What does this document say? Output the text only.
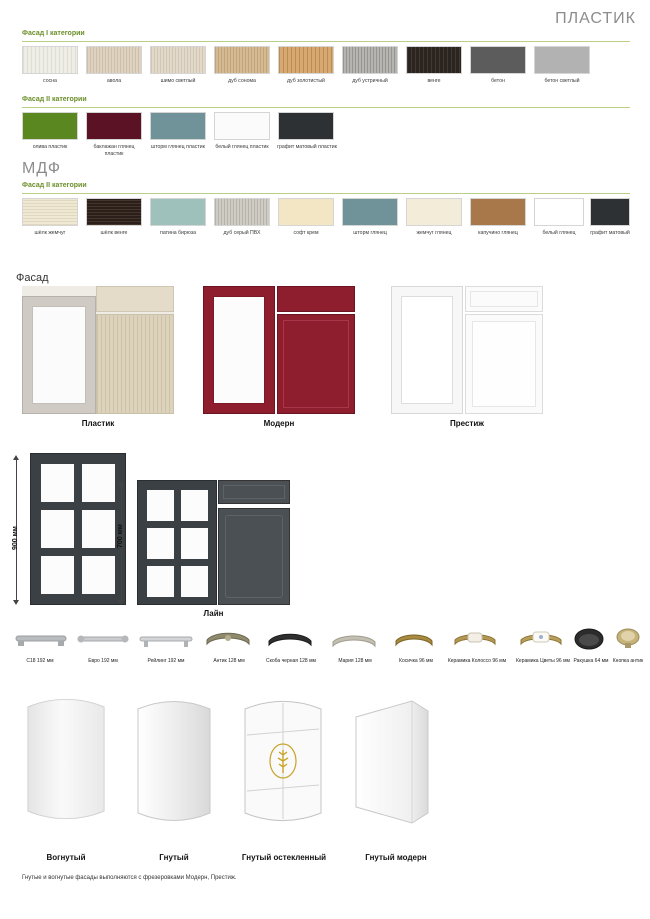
ПЛАСТИК
Фасад I категории
сосна	авола	шимо светлый	дуб сонома	дуб золотистый	дуб устричный	венге	бетон	бетон светлый
Фасад II категории
олива пластик	баклажан глянец пластик
шторм глянец пластик	белый глянец пластик	графит матовый пластик
МДФ
Фасад II категории
шёлк жемчуг	шёлк венге	патина бирюза	дуб серый ПВХ	софт крем	шторм глянец	жемчуг глянец	капучино глянец	белый глянец	графит матовый
Фасад
Пластик	Модерн	Престиж
900 мм	700 мм
Лайн
С18 192 мм	Евро 192 мм	Рейлинг 192 мм	Антик 128 мм	Скоба черная 128 мм	Мария 128 мм	Косичка 96 мм	Керамика Колоссо 96 мм	Керамика Цветы 96 мм Ракушка 64 мм Кнопка антик
Вогнутый	Гнутый	Гнутый остекленный	Гнутый модерн
Гнутые и вогнутые фасады выполняются с фрезеровками Модерн, Престиж.
